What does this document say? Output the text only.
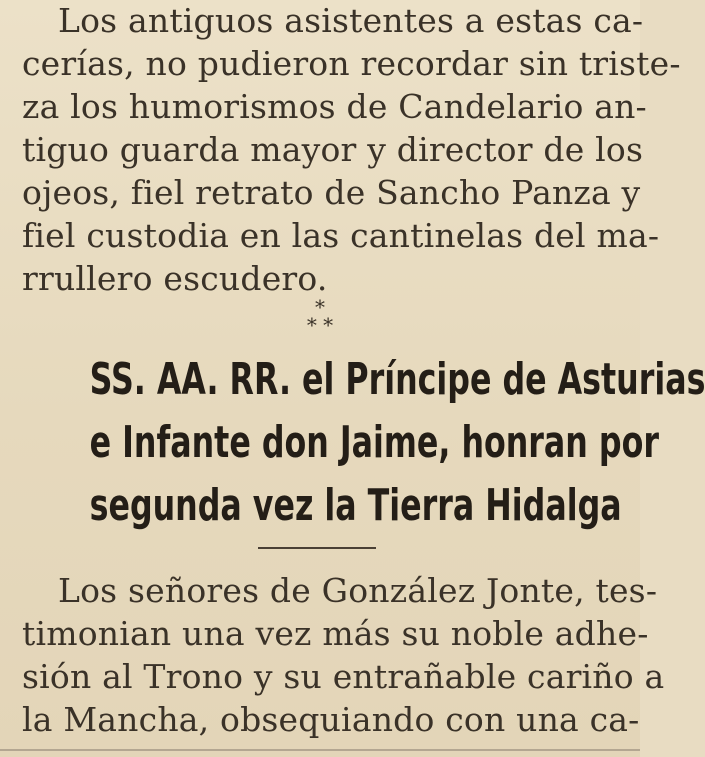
Los antiguos asistentes a estas ca-
cerías, no pudieron recordar sin tristе-
za los humorismos de Candelario an-
tiguo guarda mayor y director de los
ojeos, fiel retrato de Sancho Panza y
fiel custodia en las cantinelas del ma-
rrullero escudero.
*
* *
SS. AA. RR. el Príncipe de Asturias
e Infante don Jaime, honran por
segunda vez la Tierra Hidalga
Los señores de González Jonte, tes-
timonian una vez más su noble adhe-
sión al Trono y su entrañable cariño a
la Mancha, obsequiando con una ca-
